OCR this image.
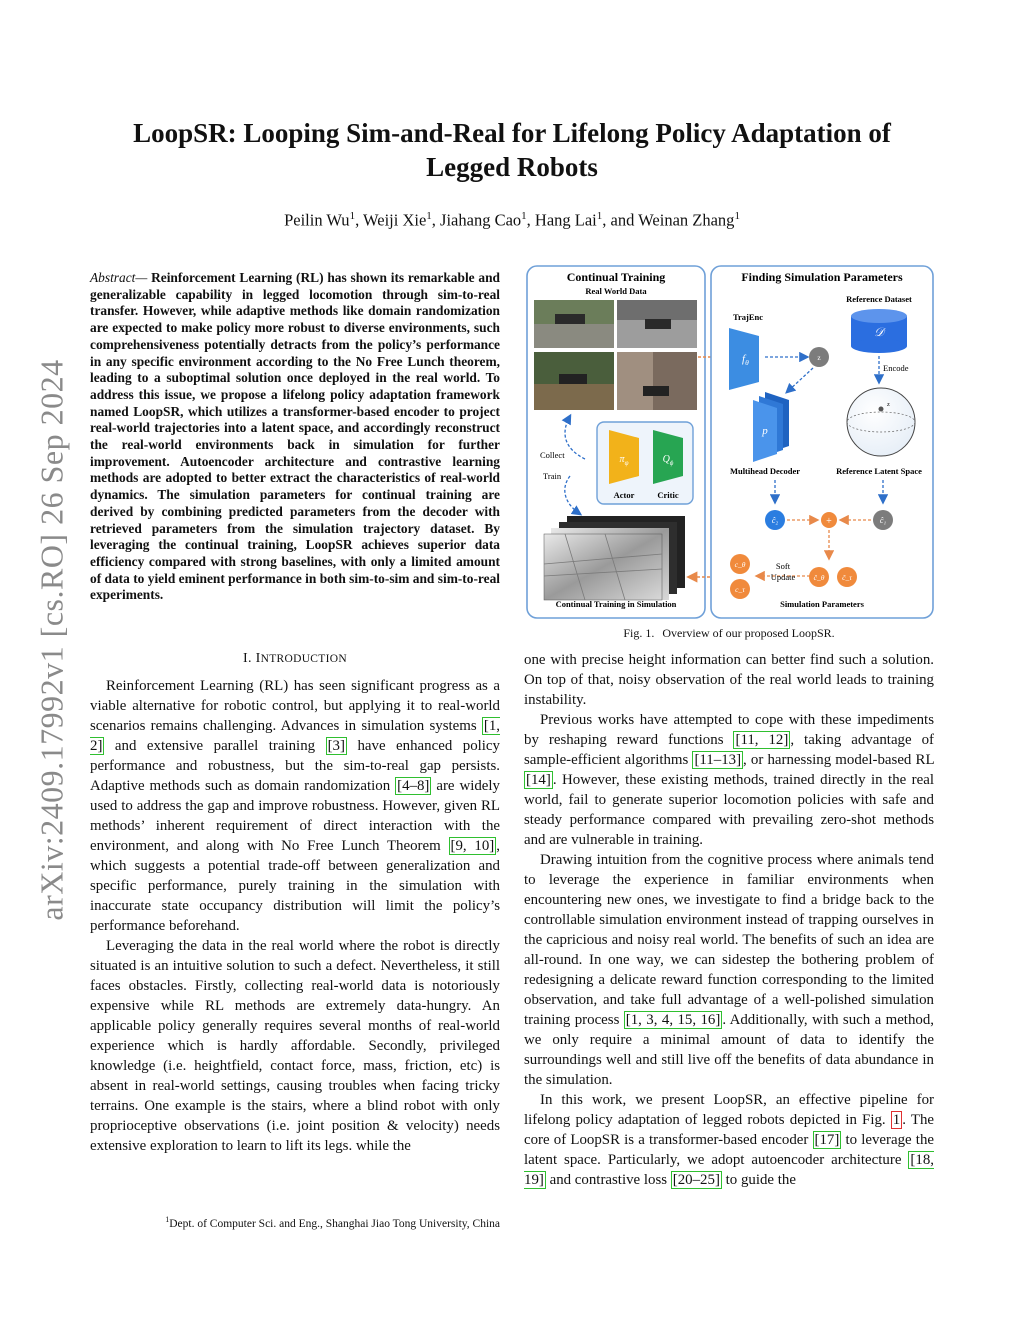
arXiv:2409.17992v1 [cs.RO] 26 Sep 2024
LoopSR: Looping Sim-and-Real for Lifelong Policy Adaptation of
Legged Robots
Peilin Wu$^1$, Weiji Xie$^1$, Jiahang Cao$^1$, Hang Lai$^1$, and Weinan Zhang$^1$

Abstract— Reinforcement Learning (RL) has shown its remarkable and generalizable capability in legged locomotion through sim-to-real transfer. However, while adaptive methods like domain randomization are expected to make policy more robust to diverse environments, such comprehensiveness potentially detracts from the policy’s performance in any specific environment according to the No Free Lunch theorem, leading to a suboptimal solution once deployed in the real world. To address this issue, we propose a lifelong policy adaptation framework named LoopSR, which utilizes a transformer-based encoder to project real-world trajectories into a latent space, and accordingly reconstruct the real-world environments back in simulation for further improvement. Autoencoder architecture and contrastive learning methods are adopted to better extract the characteristics of real-world dynamics. The simulation parameters for continual training are derived by combining predicted parameters from the decoder with retrieved parameters from the simulation trajectory dataset. By leveraging the continual training, LoopSR achieves superior data efficiency compared with strong baselines, with only a limited amount of data to yield eminent performance in both sim-to-sim and sim-to-real experiments.

I. INTRODUCTION

Reinforcement Learning (RL) has seen significant progress as a viable alternative for robotic control, but applying it to real-world scenarios remains challenging. Advances in simulation systems [1, 2] and extensive parallel training [3] have enhanced policy performance and robustness, but the sim-to-real gap persists. Adaptive methods such as domain randomization [4–8] are widely used to address the gap and improve robustness. However, given RL methods’ inherent requirement of direct interaction with the environment, and along with No Free Lunch Theorem [9, 10] , which suggests a potential trade-off between generalization and specific performance, purely training in the simulation with inaccurate state occupancy distribution will limit the policy’s performance beforehand.

Leveraging the data in the real world where the robot is directly situated is an intuitive solution to such a defect. Nevertheless, it still faces obstacles. Firstly, collecting real-world data is notoriously expensive while RL methods are extremely data-hungry. An applicable policy generally requires several months of real-world experience which is hardly affordable. Secondly, privileged knowledge (i.e. heightfield, contact force, mass, friction, etc) is absent in real-world settings, causing troubles when facing tricky terrains. One example is the stairs, where a blind robot with only proprioceptive observations (i.e. joint position & velocity) needs extensive exploration to learn to lift its legs. while the

$^1$Dept. of Computer Sci. and Eng., Shanghai Jiao Tong University, China
Continual Training
Real World Data
Collect
Train
$\pi_\varphi$	$Q_\phi$
Actor	Critic
Continual Training in Simulation
Finding Simulation Parameters
Reference Dataset
𝒟
TrajEnc
$f_\theta$
z
Encode
p
Multihead Decoder
z
Reference Latent Space
ĉ₂	+	ĉ₁
c_θ
c_τ
Soft
Update ĉ_θ ĉ_τ
Simulation Parameters
Fig. 1. Overview of our proposed LoopSR.

one with precise height information can better find such a solution. On top of that, noisy observation of the real world leads to training instability.

Previous works have attempted to cope with these impediments by reshaping reward functions [11, 12] , taking advantage of sample-efficient algorithms [11–13] , or harnessing model-based RL [14] . However, these existing methods, trained directly in the real world, fail to generate superior locomotion policies with safe and steady performance compared with prevailing zero-shot methods and are vulnerable in training.

Drawing intuition from the cognitive process where animals tend to leverage the experience in familiar environments when encountering new ones, we investigate to find a bridge back to the controllable simulation environment instead of trapping ourselves in the capricious and noisy real world. The benefits of such an idea are all-round. In one way, we can sidestep the bothering problem of redesigning a delicate reward function corresponding to the limited observation, and take full advantage of a well-polished simulation training process [1, 3, 4, 15, 16] . Additionally, with such a method, we only require a minimal amount of data to identify the surroundings well and still live off the benefits of data abundance in the simulation.

In this work, we present LoopSR, an effective pipeline for lifelong policy adaptation of legged robots depicted in Fig. 1 . The core of LoopSR is a transformer-based encoder [17] to leverage the latent space. Particularly, we adopt autoencoder architecture [18, 19] and contrastive loss [20–25] to guide the
